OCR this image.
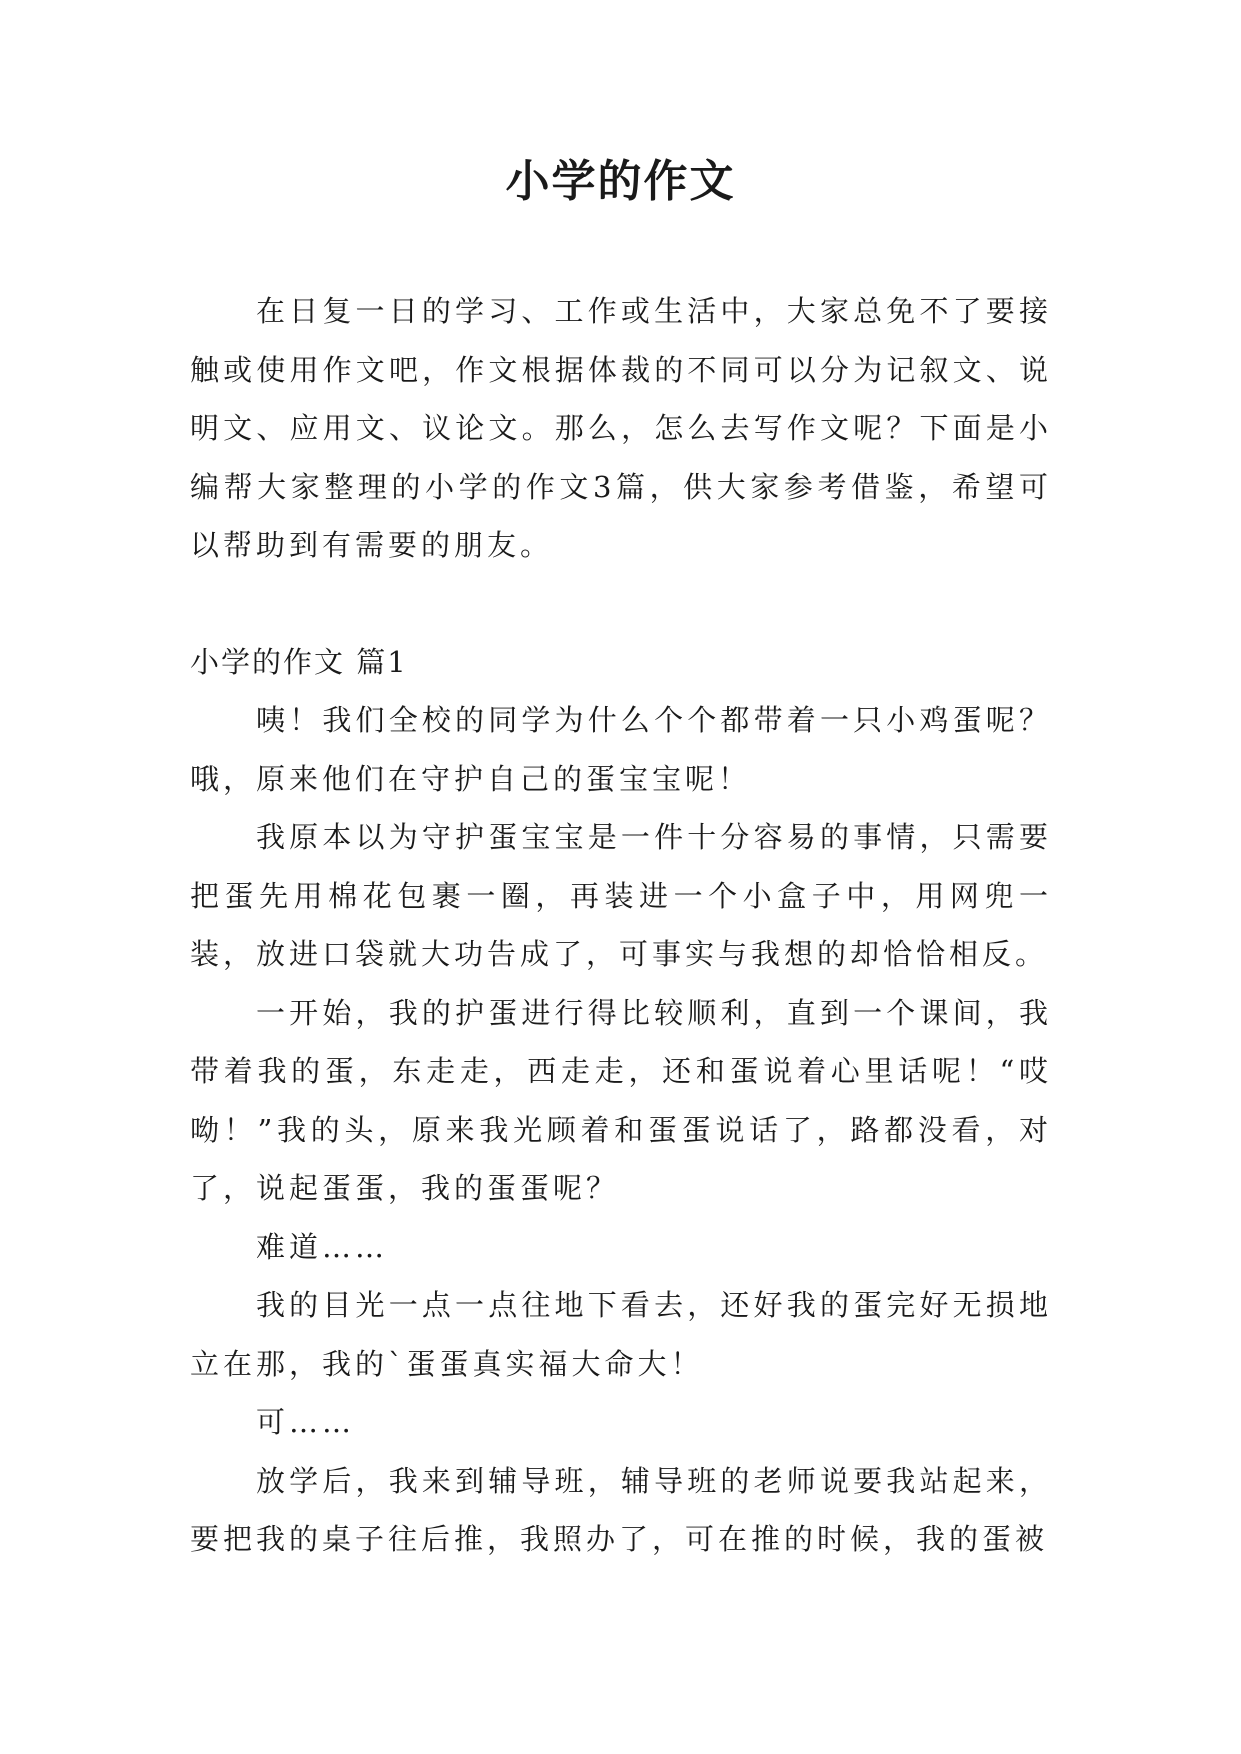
小学的作文

在日复一日的学习、工作或生活中，大家总免不了要接触或使用作文吧，作文根据体裁的不同可以分为记叙文、说明文、应用文、议论文。那么，怎么去写作文呢？下面是小编帮大家整理的小学的作文3篇，供大家参考借鉴，希望可以帮助到有需要的朋友。

小学的作文 篇1

咦！我们全校的同学为什么个个都带着一只小鸡蛋呢？哦，原来他们在守护自己的蛋宝宝呢！

我原本以为守护蛋宝宝是一件十分容易的事情，只需要把蛋先用棉花包裹一圈，再装进一个小盒子中，用网兜一装，放进口袋就大功告成了，可事实与我想的却恰恰相反。

一开始，我的护蛋进行得比较顺利，直到一个课间，我带着我的蛋，东走走，西走走，还和蛋说着心里话呢！“哎呦！”我的头，原来我光顾着和蛋蛋说话了，路都没看，对了，说起蛋蛋，我的蛋蛋呢？

难道……

我的目光一点一点往地下看去，还好我的蛋完好无损地立在那，我的`蛋蛋真实福大命大！

可……

放学后，我来到辅导班，辅导班的老师说要我站起来，要把我的桌子往后推，我照办了，可在推的时候，我的蛋被
